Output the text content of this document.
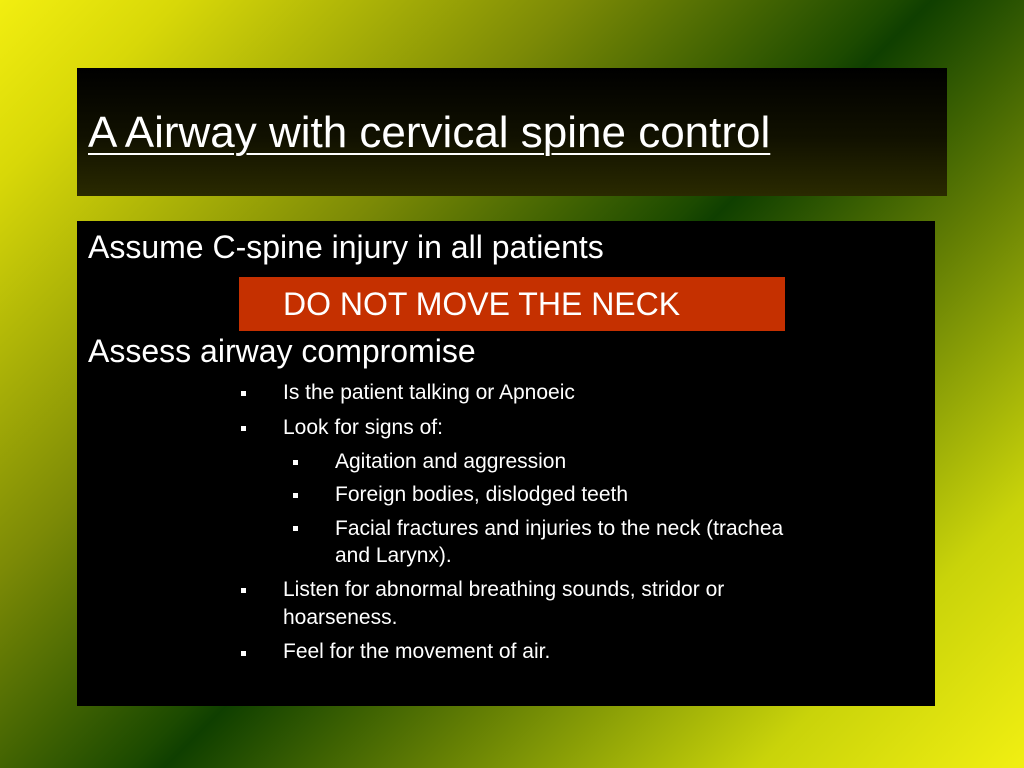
A Airway with cervical spine control
Assume C-spine injury in all patients
DO NOT MOVE THE NECK
Assess airway compromise
Is the patient talking or Apnoeic
Look for signs of:
Agitation and aggression
Foreign bodies, dislodged teeth
Facial fractures and injuries to the neck (trachea
and Larynx).
Listen for abnormal breathing sounds, stridor or
hoarseness.
Feel for the movement of air.
